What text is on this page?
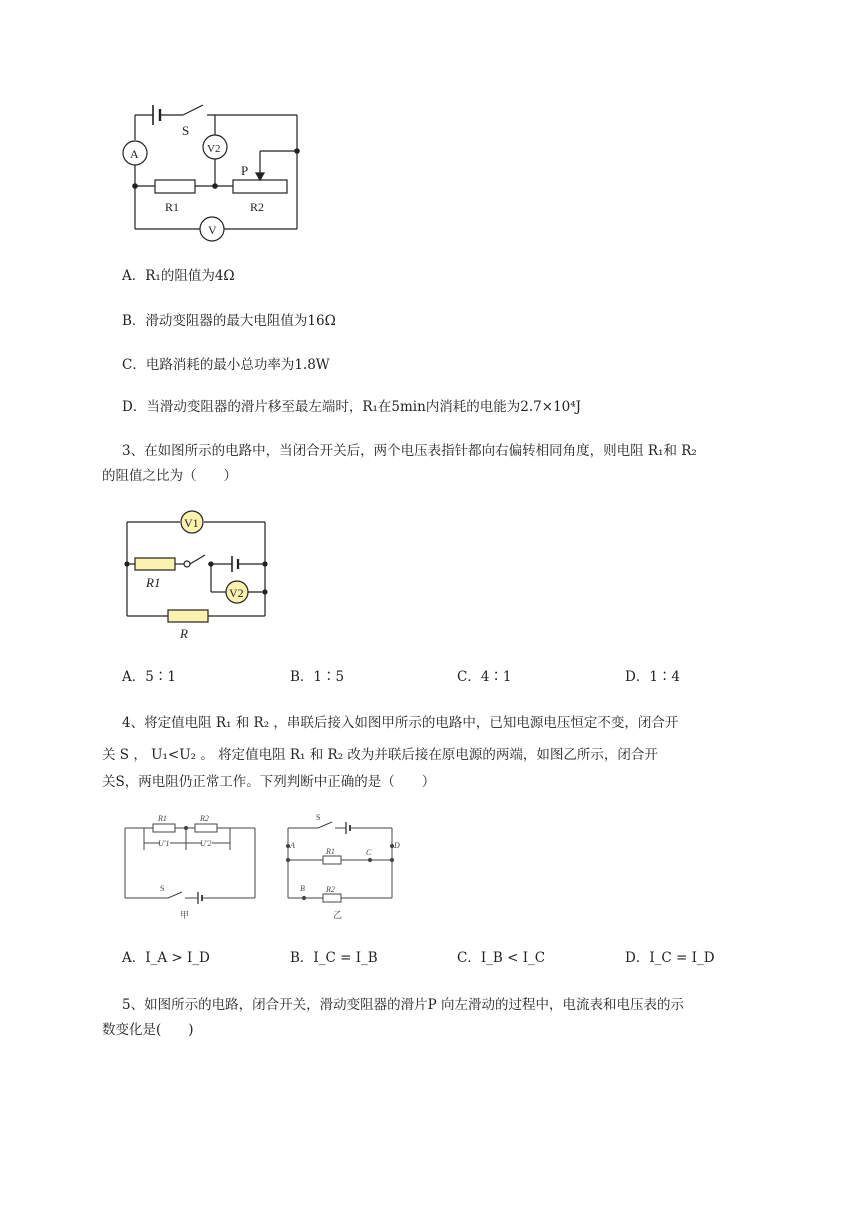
A
S
V2
P
R1	R2
V
A．R₁的阻值为4Ω
B．滑动变阻器的最大电阻值为16Ω
C．电路消耗的最小总功率为1.8W
D．当滑动变阻器的滑片移至最左端时，R₁在5min内消耗的电能为2.7×10⁴J
3、在如图所示的电路中，当闭合开关后，两个电压表指针都向右偏转相同角度，则电阻 R₁和 R₂
的阻值之比为（　　）
V1
V2
R1
R
A．5∶1	B．1∶5	C．4∶1	D．1∶4
4、将定值电阻 R₁ 和 R₂ ，串联后接入如图甲所示的电路中，已知电源电压恒定不变，闭合开
关 S ， U₁<U₂ 。 将定值电阻 R₁ 和 R₂ 改为并联后接在原电源的两端，如图乙所示，闭合开
关S，两电阻仍正常工作。下列判断中正确的是（　　）
R1	R2
U'1	U'2
S
甲
S
A	D
R1	C
B	R2
乙
A．I_A > I_D	B．I_C = I_B	C．I_B < I_C	D．I_C = I_D
5、如图所示的电路，闭合开关，滑动变阻器的滑片P 向左滑动的过程中，电流表和电压表的示
数变化是(　　)
